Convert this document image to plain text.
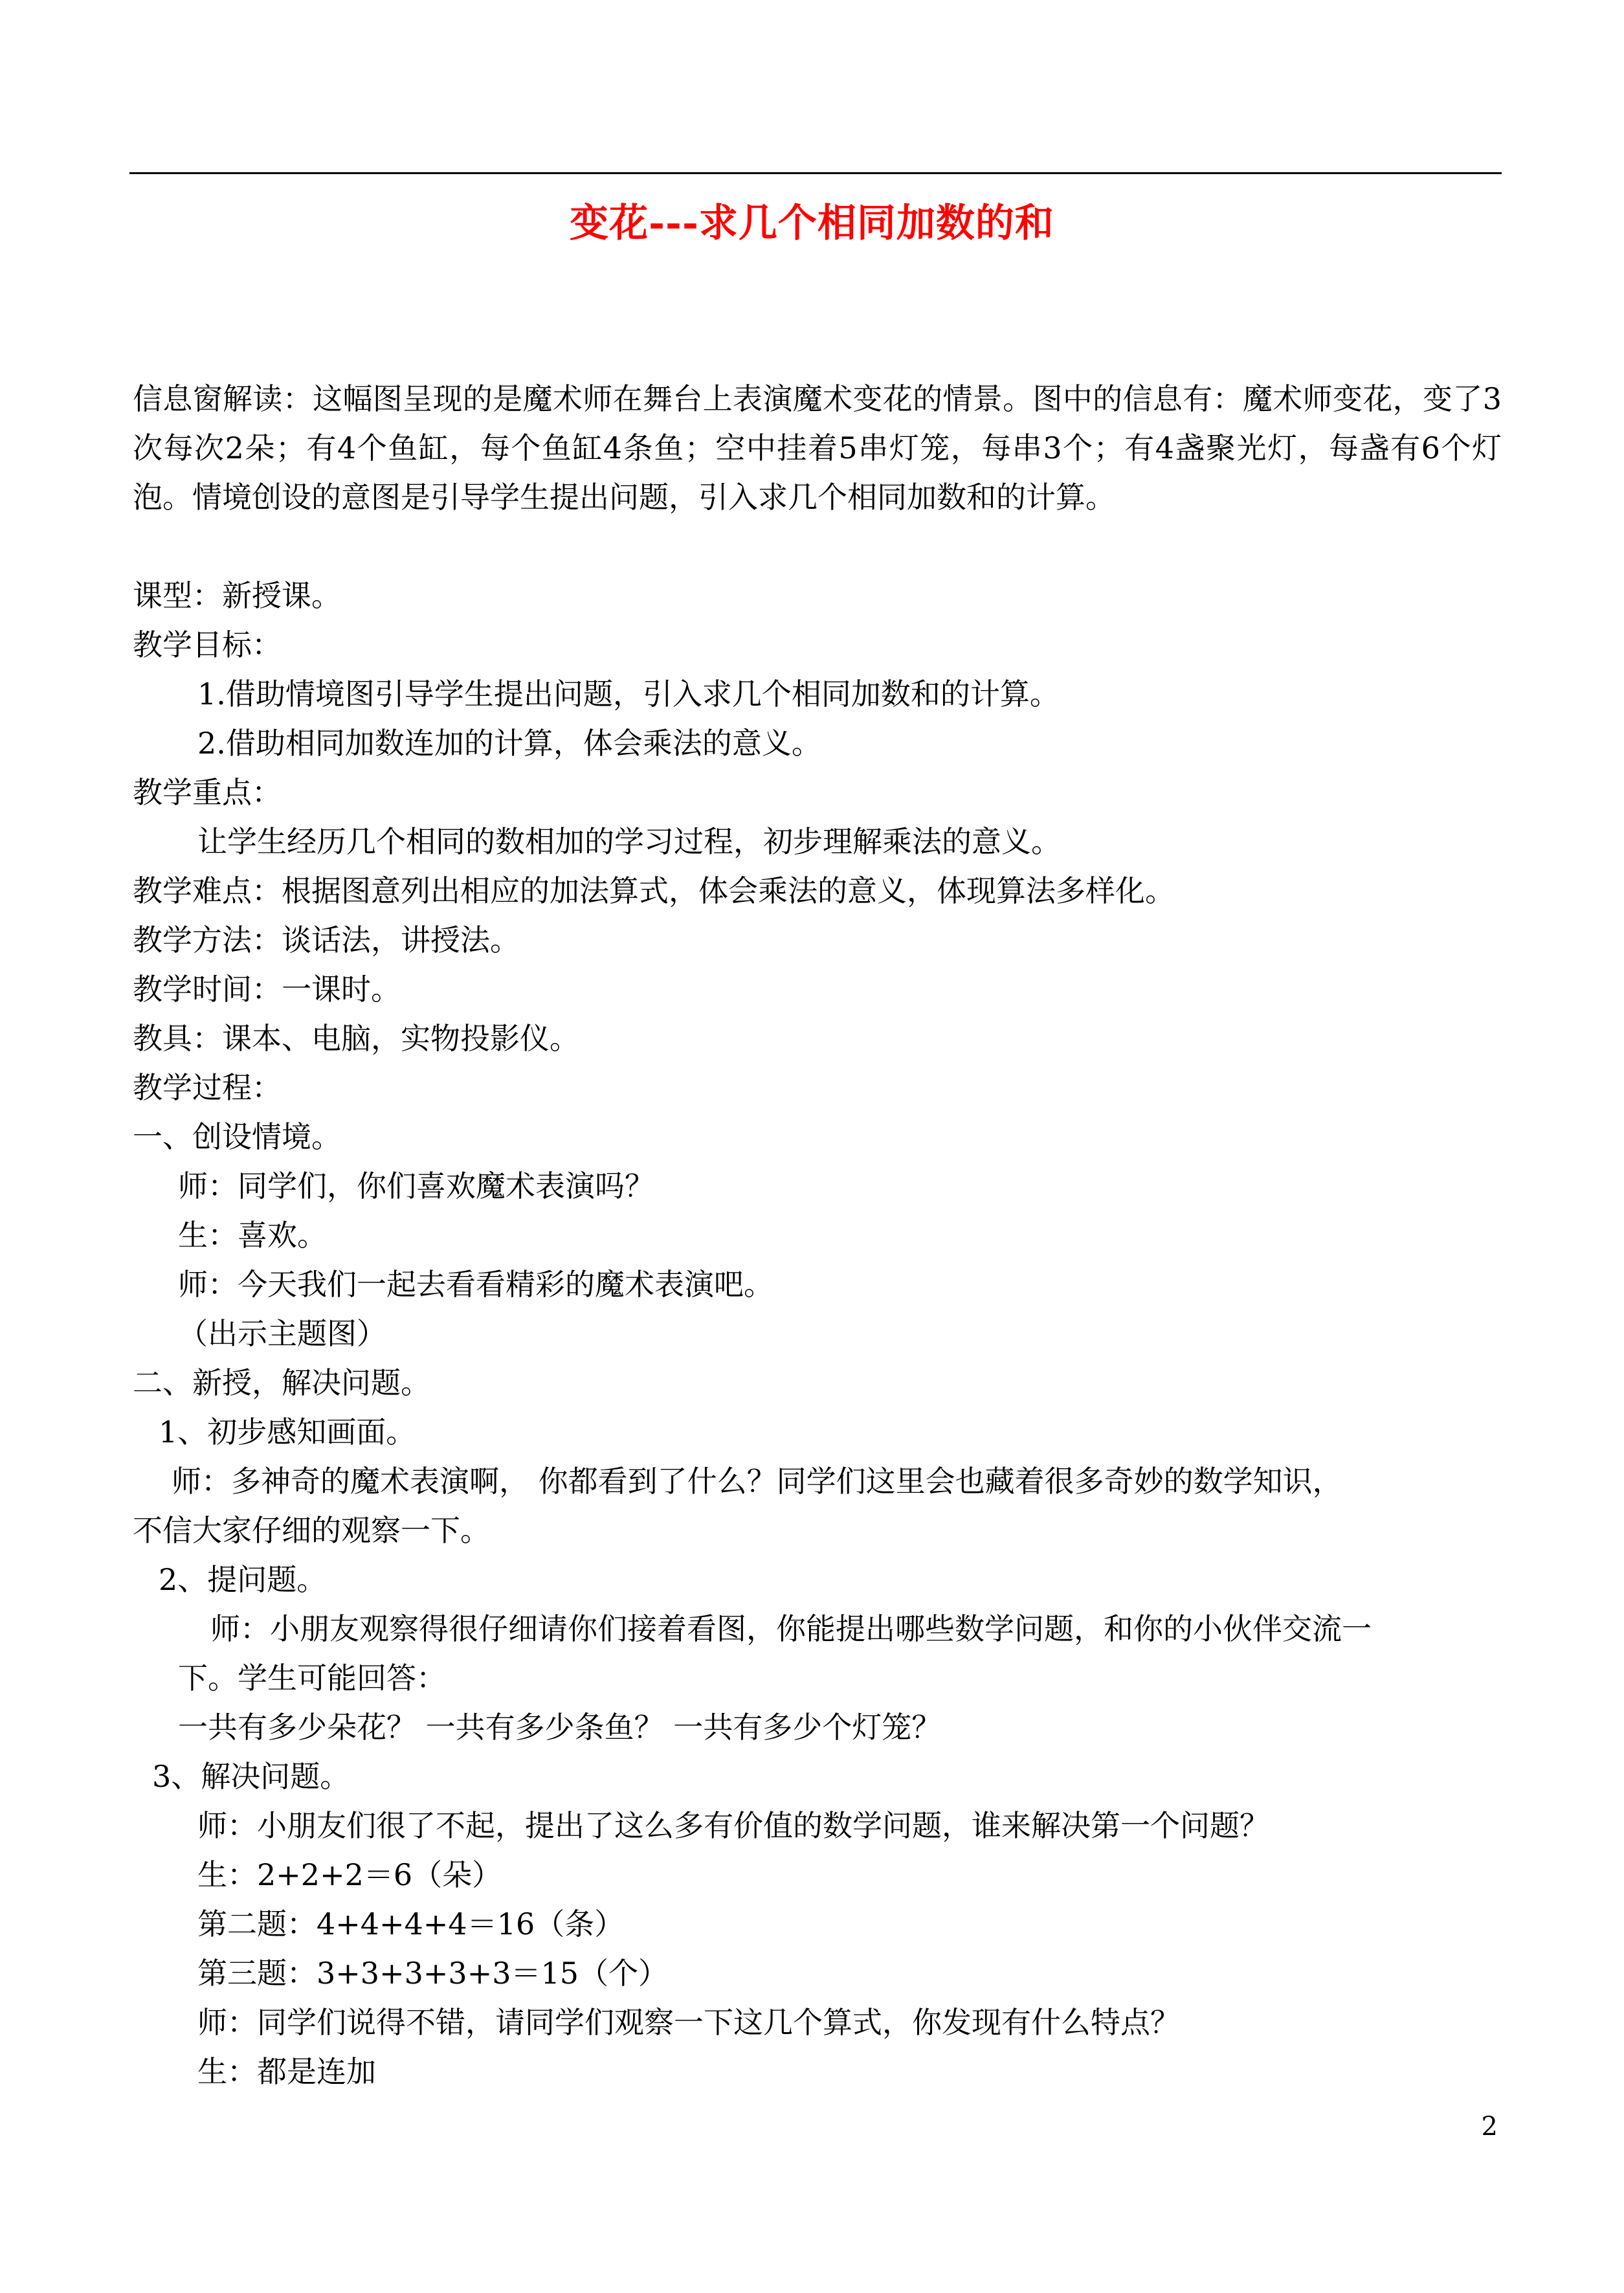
变花---求几个相同加数的和
信息窗解读：这幅图呈现的是魔术师在舞台上表演魔术变花的情景。图中的信息有：魔术师变花，变了3次每次2朵；有4个鱼缸，每个鱼缸4条鱼；空中挂着5串灯笼，每串3个；有4盏聚光灯，每盏有6个灯泡。情境创设的意图是引导学生提出问题，引入求几个相同加数和的计算。
课型：新授课。
教学目标：
1.借助情境图引导学生提出问题，引入求几个相同加数和的计算。
2.借助相同加数连加的计算，体会乘法的意义。
教学重点：
让学生经历几个相同的数相加的学习过程，初步理解乘法的意义。
教学难点：根据图意列出相应的加法算式，体会乘法的意义，体现算法多样化。
教学方法：谈话法，讲授法。
教学时间：一课时。
教具：课本、电脑，实物投影仪。
教学过程：
一、创设情境。
师：同学们，你们喜欢魔术表演吗？
生：喜欢。
师：今天我们一起去看看精彩的魔术表演吧。
（出示主题图）
二、新授，解决问题。
1、初步感知画面。
师：多神奇的魔术表演啊， 你都看到了什么？同学们这里会也藏着很多奇妙的数学知识，
不信大家仔细的观察一下。
2、提问题。
师：小朋友观察得很仔细请你们接着看图，你能提出哪些数学问题，和你的小伙伴交流一
下。学生可能回答：
一共有多少朵花？ 一共有多少条鱼？ 一共有多少个灯笼？
3、解决问题。
师：小朋友们很了不起，提出了这么多有价值的数学问题，谁来解决第一个问题？
生：2+2+2＝6（朵）
第二题：4+4+4+4＝16（条）
第三题：3+3+3+3+3＝15（个）
师：同学们说得不错，请同学们观察一下这几个算式，你发现有什么特点？
生：都是连加
2
